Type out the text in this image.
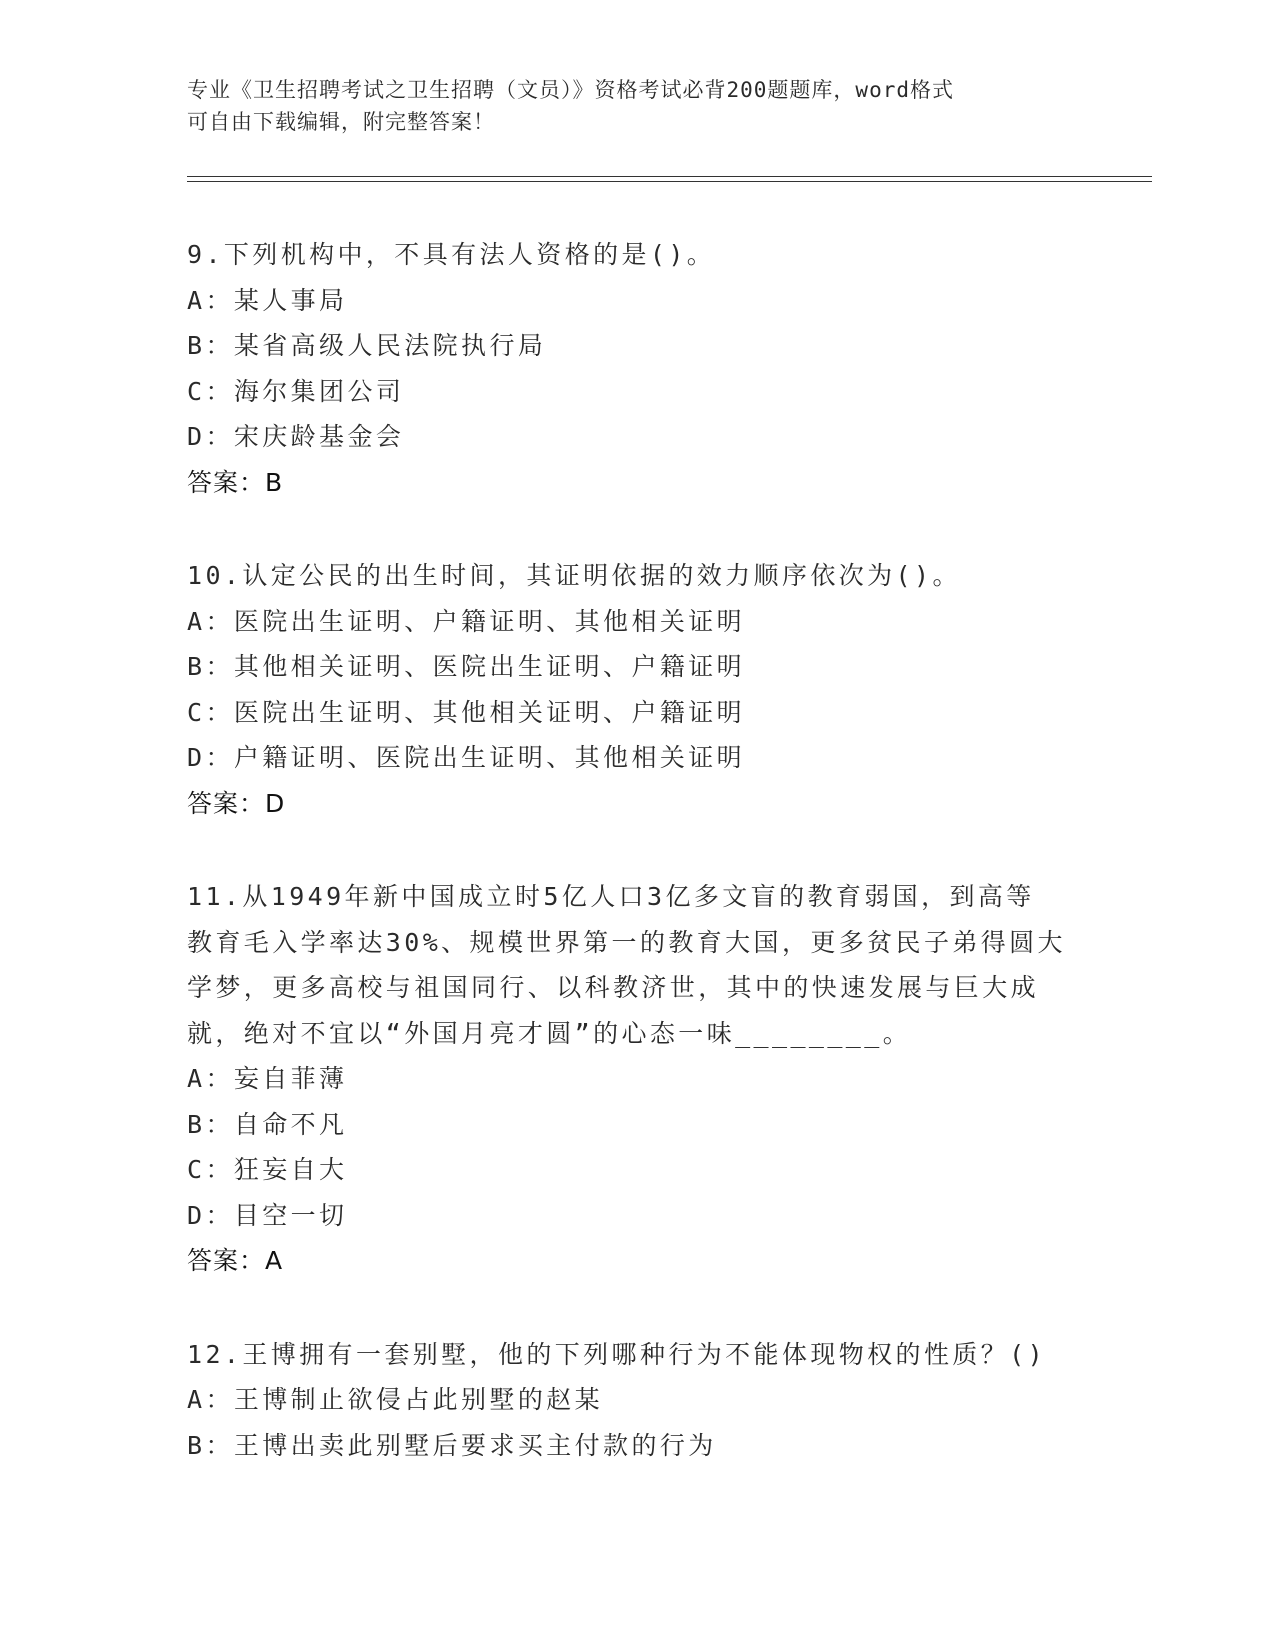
专业《卫生招聘考试之卫生招聘（文员）》资格考试必背200题题库，word格式
可自由下载编辑，附完整答案！
9.下列机构中，不具有法人资格的是()。
A：某人事局
B：某省高级人民法院执行局
C：海尔集团公司
D：宋庆龄基金会
答案：B
10.认定公民的出生时间，其证明依据的效力顺序依次为()。
A：医院出生证明、户籍证明、其他相关证明
B：其他相关证明、医院出生证明、户籍证明
C：医院出生证明、其他相关证明、户籍证明
D：户籍证明、医院出生证明、其他相关证明
答案：D
11.从1949年新中国成立时5亿人口3亿多文盲的教育弱国，到高等
教育毛入学率达30%、规模世界第一的教育大国，更多贫民子弟得圆大
学梦，更多高校与祖国同行、以科教济世，其中的快速发展与巨大成
就，绝对不宜以“外国月亮才圆”的心态一味________。
A：妄自菲薄
B：自命不凡
C：狂妄自大
D：目空一切
答案：A
12.王博拥有一套别墅，他的下列哪种行为不能体现物权的性质？()
A：王博制止欲侵占此别墅的赵某
B：王博出卖此别墅后要求买主付款的行为
